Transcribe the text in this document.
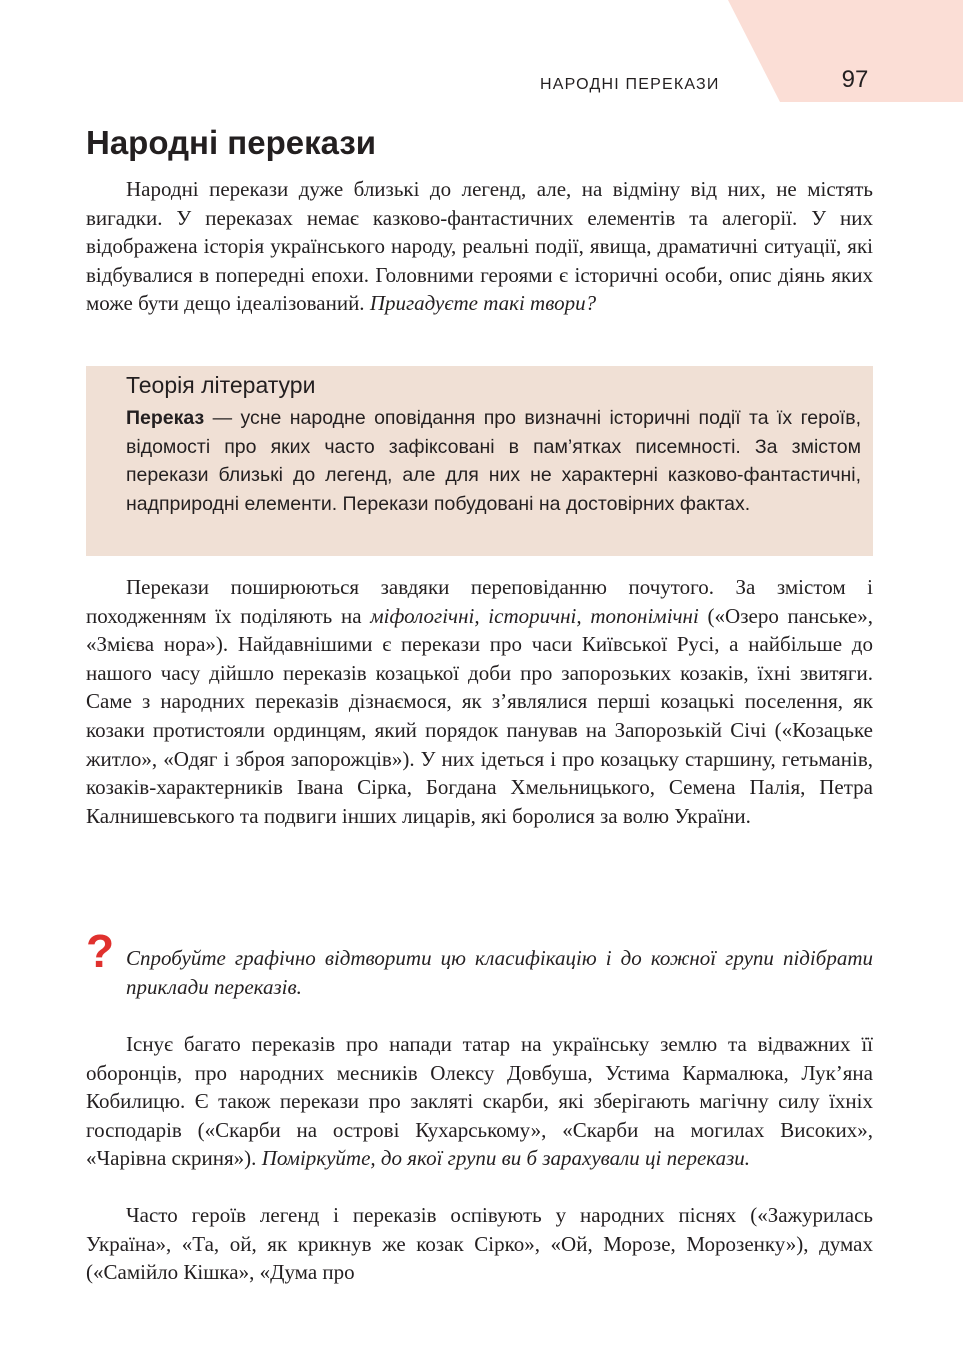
НАРОДНІ ПЕРЕКАЗИ	97
Народні перекази

Народні перекази дуже близькі до легенд, але, на відміну від них, не містять вигадки. У переказах немає казково-фантастичних елементів та алегорії. У них відображена історія українського народу, реальні події, явища, драматичні ситуації, які відбувалися в попередні епохи. Головними героями є історичні особи, опис діянь яких може бути дещо ідеалізований. Пригадуєте такі твори?

Теорія літератури

Переказ — усне народне оповідання про визначні історичні події та їх героїв, відомості про яких часто зафіксовані в пам’ятках писемності. За змістом перекази близькі до легенд, але для них не характерні казково-фантастичні, надприродні елементи. Перекази побудовані на достовірних фактах.

Перекази поширюються завдяки переповіданню почутого. За змістом і походженням їх поділяють на міфологічні, історичні, топонімічні («Озеро панське», «Змієва нора»). Найдавнішими є перекази про часи Київської Русі, а найбільше до нашого часу дійшло переказів козацької доби про запорозьких козаків, їхні звитяги. Саме з народних переказів дізнаємося, як з’являлися перші козацькі поселення, як козаки протистояли ординцям, який порядок панував на Запорозькій Січі («Козацьке житло», «Одяг і зброя запорожців»). У них ідеться і про козацьку старшину, гетьманів, козаків-характерників Івана Сірка, Богдана Хмельницького, Семена Палія, Петра Калнишевського та подвиги інших лицарів, які боролися за волю України.

? Спробуйте графічно відтворити цю класифікацію і до кожної групи підібрати приклади переказів.

Існує багато переказів про напади татар на українську землю та відважних її оборонців, про народних месників Олексу Довбуша, Устима Кармалюка, Лук’яна Кобилицю. Є також перекази про закляті скарби, які зберігають магічну силу їхніх господарів («Скарби на острові Кухарському», «Скарби на могилах Високих», «Чарівна скриня»). Поміркуйте, до якої групи ви б зарахували ці перекази.

Часто героїв легенд і переказів оспівують у народних піснях («Зажурилась Україна», «Та, ой, як крикнув же козак Сірко», «Ой, Морозе, Морозенку»), думах («Самійло Кішка», «Дума про
